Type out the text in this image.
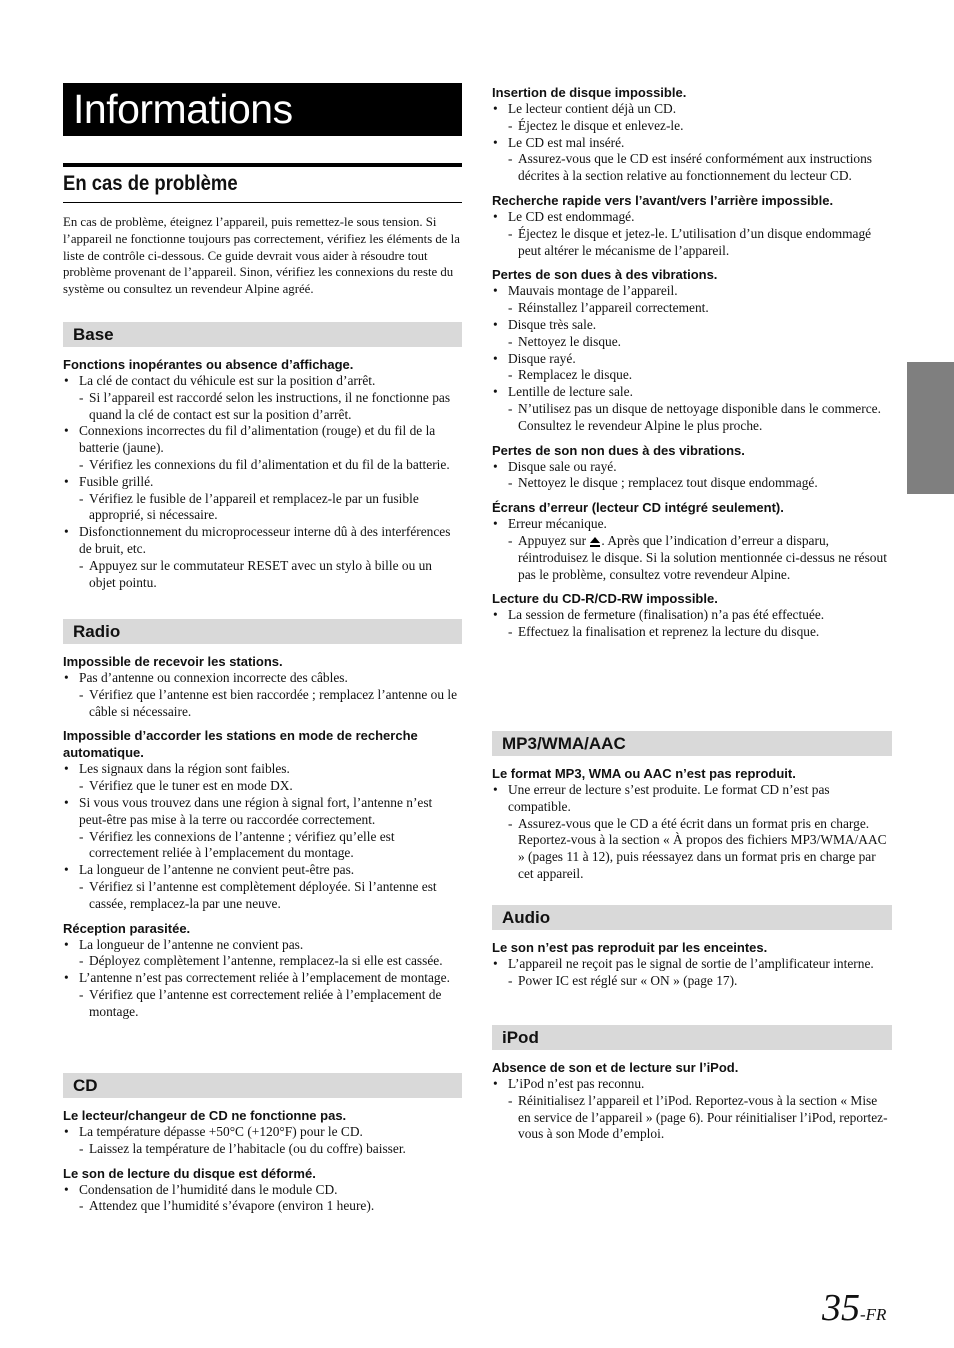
Informations
En cas de problème
En cas de problème, éteignez l’appareil, puis remettez-le sous tension. Si l’appareil ne fonctionne toujours pas correctement, vérifiez les éléments de la liste de contrôle ci-dessous. Ce guide devrait vous aider à résoudre tout problème provenant de l’appareil. Sinon, vérifiez les connexions du reste du système ou consultez un revendeur Alpine agréé.
Base
Fonctions inopérantes ou absence d’affichage.
• La clé de contact du véhicule est sur la position d’arrêt.
- Si l’appareil est raccordé selon les instructions, il ne fonctionne pas quand la clé de contact est sur la position d’arrêt.
• Connexions incorrectes du fil d’alimentation (rouge) et du fil de la batterie (jaune).
- Vérifiez les connexions du fil d’alimentation et du fil de la batterie.
• Fusible grillé.
- Vérifiez le fusible de l’appareil et remplacez-le par un fusible approprié, si nécessaire.
• Disfonctionnement du microprocesseur interne dû à des interférences de bruit, etc.
- Appuyez sur le commutateur RESET avec un stylo à bille ou un objet pointu.
Radio
Impossible de recevoir les stations.
• Pas d’antenne ou connexion incorrecte des câbles.
- Vérifiez que l’antenne est bien raccordée ; remplacez l’antenne ou le câble si nécessaire.
Impossible d’accorder les stations en mode de recherche automatique.
• Les signaux dans la région sont faibles.
- Vérifiez que le tuner est en mode DX.
• Si vous vous trouvez dans une région à signal fort, l’antenne n’est peut-être pas mise à la terre ou raccordée correctement.
- Vérifiez les connexions de l’antenne ; vérifiez qu’elle est correctement reliée à l’emplacement du montage.
• La longueur de l’antenne ne convient peut-être pas.
- Vérifiez si l’antenne est complètement déployée. Si l’antenne est cassée, remplacez-la par une neuve.
Réception parasitée.
• La longueur de l’antenne ne convient pas.
- Déployez complètement l’antenne, remplacez-la si elle est cassée.
• L’antenne n’est pas correctement reliée à l’emplacement de montage.
- Vérifiez que l’antenne est correctement reliée à l’emplacement de montage.
CD
Le lecteur/changeur de CD ne fonctionne pas.
• La température dépasse +50°C (+120°F) pour le CD.
- Laissez la température de l’habitacle (ou du coffre) baisser.
Le son de lecture du disque est déformé.
• Condensation de l’humidité dans le module CD.
- Attendez que l’humidité s’évapore (environ 1 heure).
Insertion de disque impossible.
• Le lecteur contient déjà un CD.
- Éjectez le disque et enlevez-le.
• Le CD est mal inséré.
- Assurez-vous que le CD est inséré conformément aux instructions décrites à la section relative au fonctionnement du lecteur CD.
Recherche rapide vers l’avant/vers l’arrière impossible.
• Le CD est endommagé.
- Éjectez le disque et jetez-le. L’utilisation d’un disque endommagé peut altérer le mécanisme de l’appareil.
Pertes de son dues à des vibrations.
• Mauvais montage de l’appareil.
- Réinstallez l’appareil correctement.
• Disque très sale.
- Nettoyez le disque.
• Disque rayé.
- Remplacez le disque.
• Lentille de lecture sale.
- N’utilisez pas un disque de nettoyage disponible dans le commerce. Consultez le revendeur Alpine le plus proche.
Pertes de son non dues à des vibrations.
• Disque sale ou rayé.
- Nettoyez le disque ; remplacez tout disque endommagé.
Écrans d’erreur (lecteur CD intégré seulement).
• Erreur mécanique.
- Appuyez sur . Après que l’indication d’erreur a disparu, réintroduisez le disque. Si la solution mentionnée ci-dessus ne résout pas le problème, consultez votre revendeur Alpine.
Lecture du CD-R/CD-RW impossible.
• La session de fermeture (finalisation) n’a pas été effectuée.
- Effectuez la finalisation et reprenez la lecture du disque.
MP3/WMA/AAC
Le format MP3, WMA ou AAC n’est pas reproduit.
• Une erreur de lecture s’est produite. Le format CD n’est pas compatible.
- Assurez-vous que le CD a été écrit dans un format pris en charge. Reportez-vous à la section « À propos des fichiers MP3/WMA/AAC » (pages 11 à 12), puis réessayez dans un format pris en charge par cet appareil.
Audio
Le son n’est pas reproduit par les enceintes.
• L’appareil ne reçoit pas le signal de sortie de l’amplificateur interne.
- Power IC est réglé sur « ON » (page 17).
iPod
Absence de son et de lecture sur l’iPod.
• L’iPod n’est pas reconnu.
- Réinitialisez l’appareil et l’iPod. Reportez-vous à la section « Mise en service de l’appareil » (page 6). Pour réinitialiser l’iPod, reportez-vous à son Mode d’emploi.
35-FR
